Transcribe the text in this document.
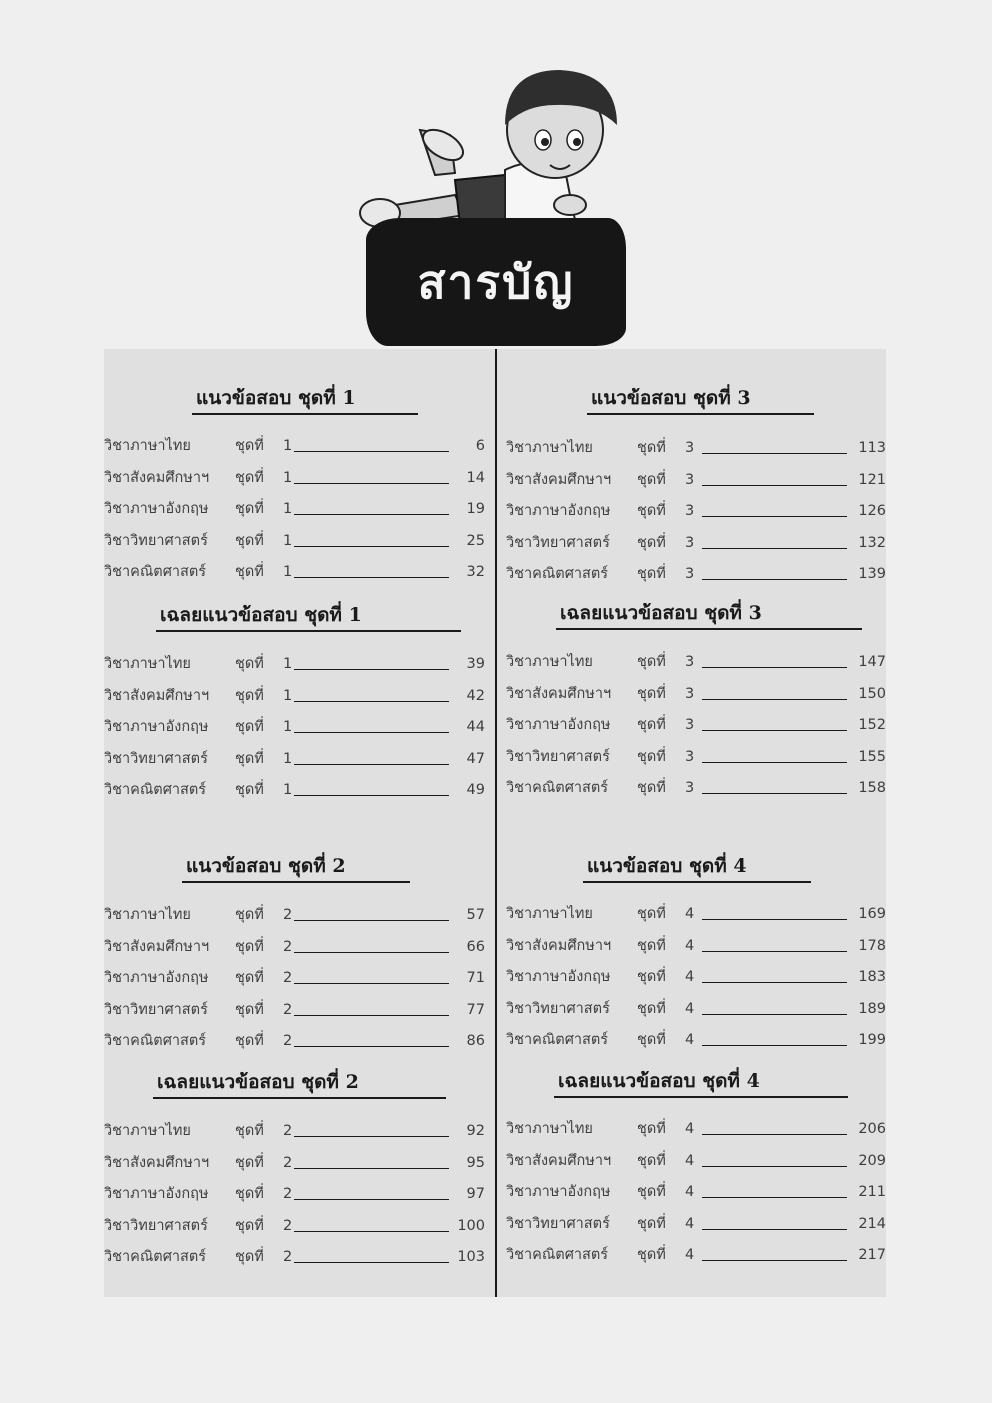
สารบัญ
แนวข้อสอบ ชุดที่ 1
วิชาภาษาไทย	ชุดที่ 1	6
วิชาสังคมศึกษาฯ ชุดที่ 1	14
วิชาภาษาอังกฤษ ชุดที่ 1	19
วิชาวิทยาศาสตร์ ชุดที่ 1	25
วิชาคณิตศาสตร์ ชุดที่ 1	32
เฉลยแนวข้อสอบ ชุดที่ 1
วิชาภาษาไทย	ชุดที่ 1	39
วิชาสังคมศึกษาฯ ชุดที่ 1	42
วิชาภาษาอังกฤษ ชุดที่ 1	44
วิชาวิทยาศาสตร์ ชุดที่ 1	47
วิชาคณิตศาสตร์ ชุดที่ 1	49
แนวข้อสอบ ชุดที่ 2
วิชาภาษาไทย	ชุดที่ 2	57
วิชาสังคมศึกษาฯ ชุดที่ 2	66
วิชาภาษาอังกฤษ ชุดที่ 2	71
วิชาวิทยาศาสตร์ ชุดที่ 2	77
วิชาคณิตศาสตร์ ชุดที่ 2	86
เฉลยแนวข้อสอบ ชุดที่ 2
วิชาภาษาไทย	ชุดที่ 2	92
วิชาสังคมศึกษาฯ ชุดที่ 2	95
วิชาภาษาอังกฤษ ชุดที่ 2	97
วิชาวิทยาศาสตร์ ชุดที่ 2	100
วิชาคณิตศาสตร์ ชุดที่ 2	103
แนวข้อสอบ ชุดที่ 3
วิชาภาษาไทย	ชุดที่ 3	113
วิชาสังคมศึกษาฯ ชุดที่ 3	121
วิชาภาษาอังกฤษ ชุดที่ 3	126
วิชาวิทยาศาสตร์ ชุดที่ 3	132
วิชาคณิตศาสตร์ ชุดที่ 3	139
เฉลยแนวข้อสอบ ชุดที่ 3
วิชาภาษาไทย	ชุดที่ 3	147
วิชาสังคมศึกษาฯ ชุดที่ 3	150
วิชาภาษาอังกฤษ ชุดที่ 3	152
วิชาวิทยาศาสตร์ ชุดที่ 3	155
วิชาคณิตศาสตร์ ชุดที่ 3	158
แนวข้อสอบ ชุดที่ 4
วิชาภาษาไทย	ชุดที่ 4	169
วิชาสังคมศึกษาฯ ชุดที่ 4	178
วิชาภาษาอังกฤษ ชุดที่ 4	183
วิชาวิทยาศาสตร์ ชุดที่ 4	189
วิชาคณิตศาสตร์ ชุดที่ 4	199
เฉลยแนวข้อสอบ ชุดที่ 4
วิชาภาษาไทย	ชุดที่ 4	206
วิชาสังคมศึกษาฯ ชุดที่ 4	209
วิชาภาษาอังกฤษ ชุดที่ 4	211
วิชาวิทยาศาสตร์ ชุดที่ 4	214
วิชาคณิตศาสตร์ ชุดที่ 4	217
